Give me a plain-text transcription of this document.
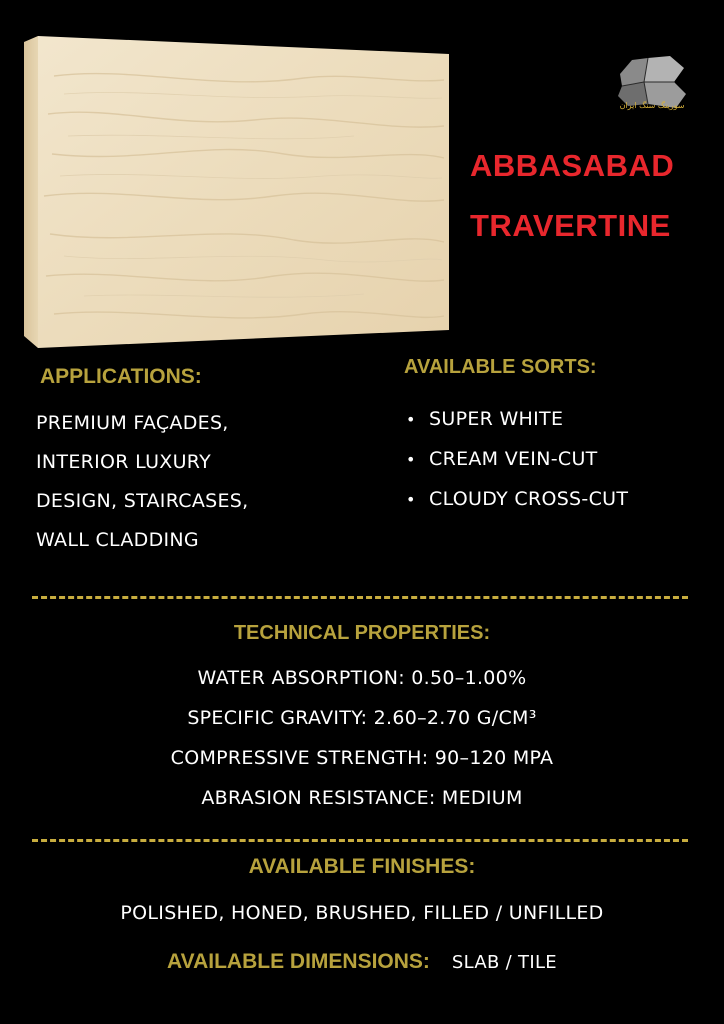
سورینگ سنگ ایران
ABBASABAD
TRAVERTINE
APPLICATIONS:
PREMIUM FAÇADES,
INTERIOR LUXURY
DESIGN, STAIRCASES,
WALL CLADDING
AVAILABLE SORTS:
• SUPER WHITE
• CREAM VEIN-CUT
• CLOUDY CROSS-CUT
TECHNICAL PROPERTIES:
WATER ABSORPTION: 0.50–1.00%
SPECIFIC GRAVITY: 2.60–2.70 G/CM³
COMPRESSIVE STRENGTH: 90–120 MPA
ABRASION RESISTANCE: MEDIUM
AVAILABLE FINISHES:
POLISHED, HONED, BRUSHED, FILLED / UNFILLED
AVAILABLE DIMENSIONS: SLAB / TILE
